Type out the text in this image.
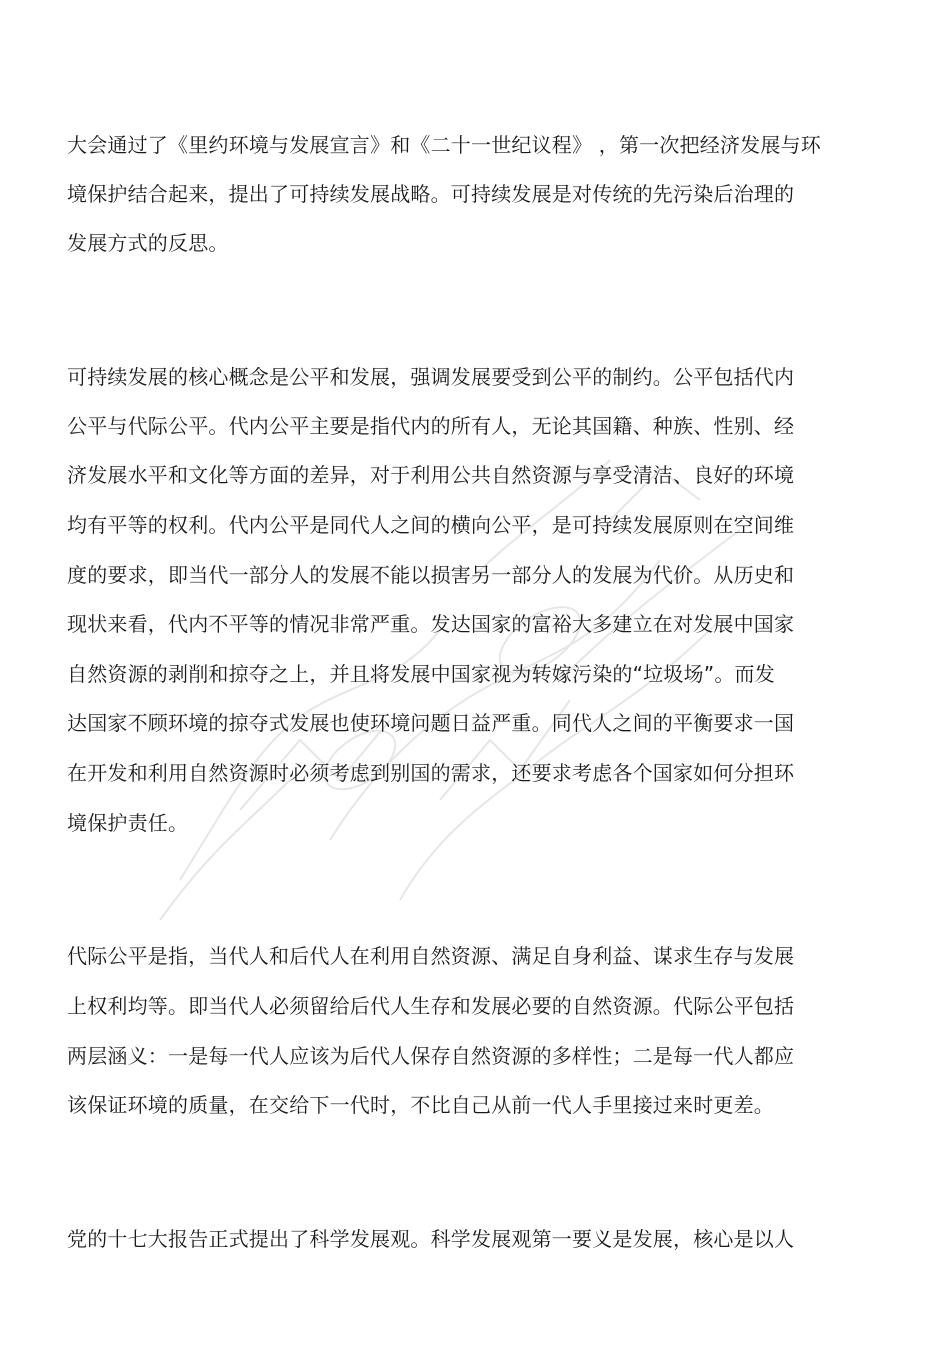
大会通过了《里约环境与发展宣言》和《二十一世纪议程》 ，第一次把经济发展与环
境保护结合起来，提出了可持续发展战略。可持续发展是对传统的先污染后治理的
发展方式的反思。
可持续发展的核心概念是公平和发展，强调发展要受到公平的制约。公平包括代内
公平与代际公平。代内公平主要是指代内的所有人，无论其国籍、种族、性别、经
济发展水平和文化等方面的差异，对于利用公共自然资源与享受清洁、良好的环境
均有平等的权利。代内公平是同代人之间的横向公平，是可持续发展原则在空间维
度的要求，即当代一部分人的发展不能以损害另一部分人的发展为代价。从历史和
现状来看，代内不平等的情况非常严重。发达国家的富裕大多建立在对发展中国家
自然资源的剥削和掠夺之上，并且将发展中国家视为转嫁污染的“垃圾场”。而发
达国家不顾环境的掠夺式发展也使环境问题日益严重。同代人之间的平衡要求一国
在开发和利用自然资源时必须考虑到别国的需求，还要求考虑各个国家如何分担环
境保护责任。
代际公平是指，当代人和后代人在利用自然资源、满足自身利益、谋求生存与发展
上权利均等。即当代人必须留给后代人生存和发展必要的自然资源。代际公平包括
两层涵义：一是每一代人应该为后代人保存自然资源的多样性；二是每一代人都应
该保证环境的质量，在交给下一代时，不比自己从前一代人手里接过来时更差。
党的十七大报告正式提出了科学发展观。科学发展观第一要义是发展，核心是以人
